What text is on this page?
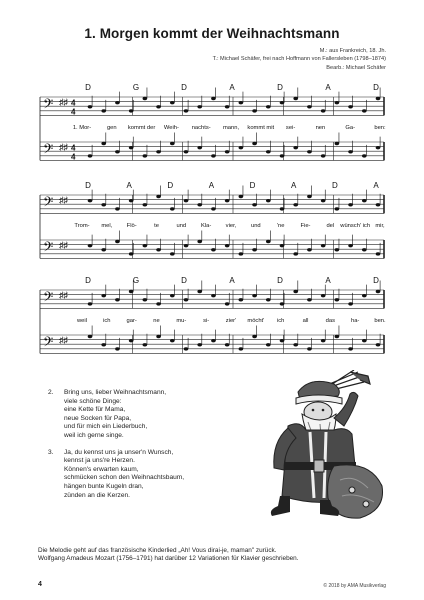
1. Morgen kommt der Weihnachtsmann
M.: aus Frankreich, 18. Jh.
T.: Michael Schäfer, frei nach Hoffmann von Fallersleben (1798–1874)
Bearb.: Michael Schäfer
𝄢 ♯♯ 4
4
𝄢 ♯♯ 4
4
D	G	D	A	D	A	D
1. Mor-	gen kommt der Weih- nachts- mann, kommt mit sei-	nen	Ga-	ben:
𝄢 ♯♯
𝄢 ♯♯
D	A	D	A	D	A	D	A
Trom- mel, Flö-	te	und	Kla- vier,	und	'ne	Fie-	del wünsch' ich mir,
𝄢 ♯♯
𝄢 ♯♯
D	G	D	A	D	A	D
weil	ich	gar-	ne	mu-	si-	zier' möcht' ich	all	das	ha-	ben.
2. Bring uns, lieber Weihnachtsmann,
viele schöne Dinge:
eine Kette für Mama,
neue Socken für Papa,
und für mich ein Liederbuch,
weil ich gerne singe.
3. Ja, du kennst uns ja unser'n Wunsch,
kennst ja uns're Herzen.
Können's erwarten kaum,
schmücken schon den Weihnachtsbaum,
hängen bunte Kugeln dran,
zünden an die Kerzen.
Die Melodie geht auf das französische Kinderlied „Ah! Vous dirai-je, maman" zurück.
Wolfgang Amadeus Mozart (1756–1791) hat darüber 12 Variationen für Klavier geschrieben.
4	© 2018 by AMA Musikverlag
